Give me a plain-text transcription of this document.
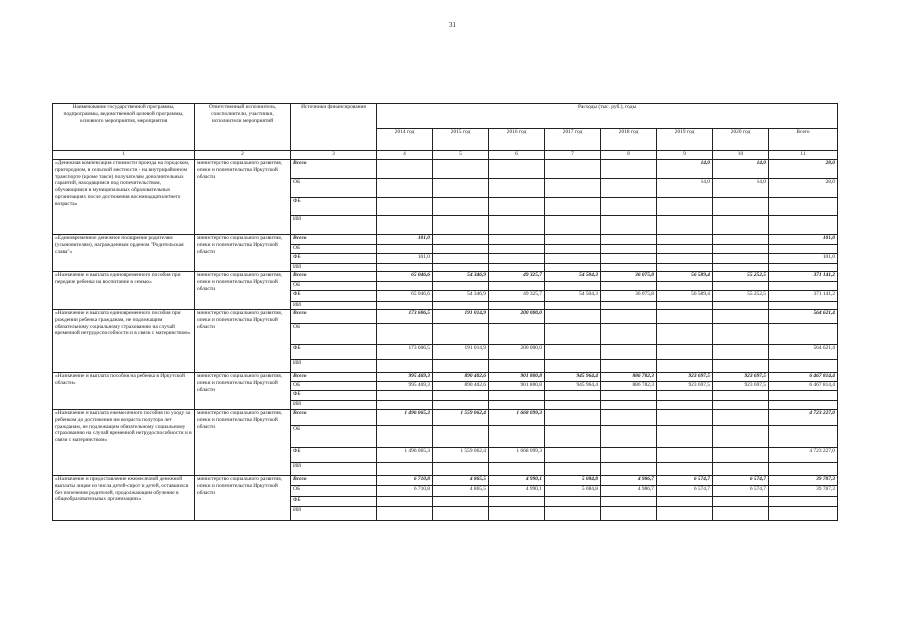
31
Наименование государственной программы, подпрограммы, ведомственной целевой программы, основного мероприятия, мероприятия	Ответственный исполнитель, соисполнители, участники, исполнители мероприятий	Источники финансирования	Расходы (тыс. руб.), годы							
			2014 год	2015 год	2016 год	2017 год	2018 год	2019 год	2020 год	Всего
1	2	3	4	5	6	7	8	9	10	11
«Денежная компенсация стоимости проезда на городском, пригородном, в сельской местности - на внутрирайонном транспорте (кроме такси) получателям дополнительных гарантий, находящимся под попечительством, обучающимся в муниципальных образовательных организациях после достижения восемнадцатилетнего возраста»	министерство социального развития, опеки и попечительства Иркутской области	Всего						14,0	14,0	28,0
		ОБ						14,0	14,0	28,0
		ФБ								
		ИИ								
«Единовременное денежное поощрение родителям (усыновителям), награжденным орденом "Родительская слава"»	министерство социального развития, опеки и попечительства Иркутской области	Всего	101,0							101,0
		ОБ								
		ФБ	101,0							101,0
		ИИ								
«Назначение и выплата единовременного пособия при передаче ребенка на воспитание в семью»	министерство социального развития, опеки и попечительства Иркутской области	Всего	65 046,6	54 346,9	49 325,7	54 504,3	36 075,8	56 589,4	55 252,5	371 141,2
		ОБ								
		ФБ	65 046,6	54 346,9	49 325,7	54 504,3	36 075,8	56 589,4	55 252,5	371 141,2
		ИИ								
«Назначение и выплата единовременного пособия при рождении ребенка гражданам, не подлежащим обязательному социальному страхованию на случай временной нетрудоспособности и в связи с материнством»	министерство социального развития, опеки и попечительства Иркутской области	Всего	173 606,5	191 014,9	200 000,0					564 621,4
		ОБ								
		ФБ	173 606,5	191 014,9	200 000,0					564 621,4
		ИИ								
«Назначение и выплата пособия на ребенка в Иркутской области»	министерство социального развития, опеки и попечительства Иркутской области	Всего	995 469,3	890 402,6	901 800,8	945 964,4	886 782,3	923 697,5	923 697,5	6 467 814,4
		ОБ	995 469,3	890 402,6	901 800,8	945 964,4	886 782,3	923 697,5	923 697,5	6 467 814,4
		ФБ								
		ИИ								
«Назначение и выплата ежемесячного пособия по уходу за ребенком до достижения им возраста полутора лет гражданам, не подлежащим обязательному социальному страхованию на случай временной нетрудоспособности и в связи с материнством»	министерство социального развития, опеки и попечительства Иркутской области	Всего	1 496 065,3	1 559 062,4	1 668 099,3					4 723 227,0
		ОБ								
		ФБ	1 496 065,3	1 559 062,4	1 668 099,3					4 723 227,0
		ИИ								
«Назначение и предоставление ежемесячной денежной выплаты лицам из числа детей-сирот и детей, оставшихся без попечения родителей, продолжающим обучение в общеобразовательных организациях»	министерство социального развития, опеки и попечительства Иркутской области	Всего	6 710,8	4 865,5	4 990,1	5 084,8	4 986,7	6 574,7	6 574,7	39 787,3
		ОБ	6 710,8	4 865,5	4 990,1	5 084,8	4 986,7	6 574,7	6 574,7	39 787,3
		ФБ								
		ИИ								
